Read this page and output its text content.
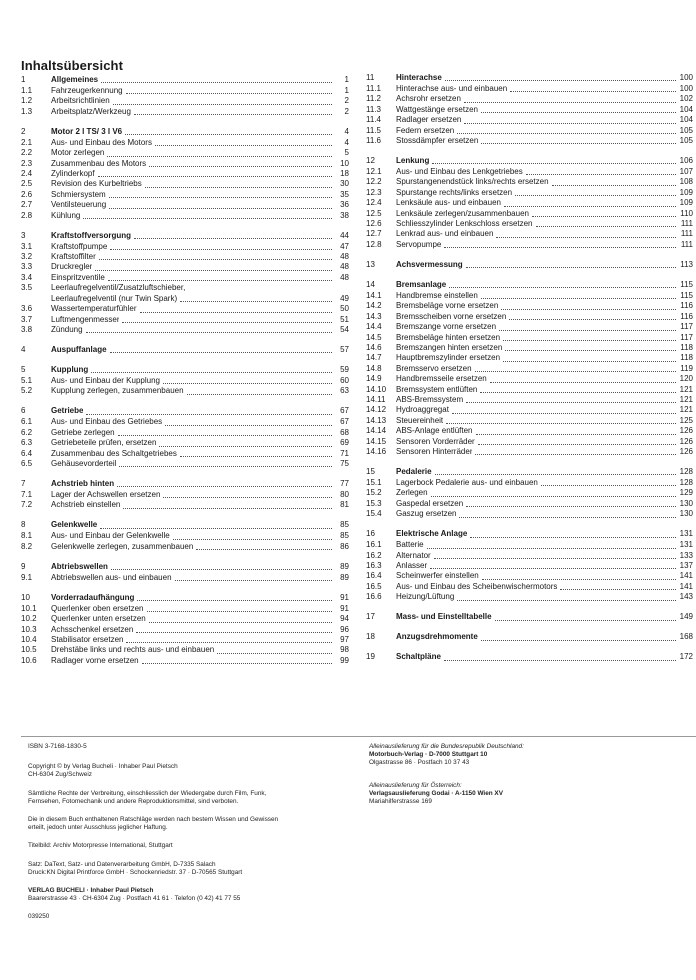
Inhaltsübersicht
1	Allgemeines	1
1.1	Fahrzeugerkennung	1
1.2	Arbeitsrichtlinien	2
1.3	Arbeitsplatz/Werkzeug	2
2	Motor 2 l TS/ 3 l V6	4
2.1	Aus- und Einbau des Motors	4
2.2	Motor zerlegen	5
2.3	Zusammenbau des Motors	10
2.4	Zylinderkopf	18
2.5	Revision des Kurbeltriebs	30
2.6	Schmiersystem	35
2.7	Ventilsteuerung	36
2.8	Kühlung	38
3	Kraftstoffversorgung	44
3.1	Kraftstoffpumpe	47
3.2	Kraftstoffilter	48
3.3	Druckregler	48
3.4	Einspritzventile	48
3.5	Leerlaufregelventil/Zusatzluftschieber,
Leerlaufregelventil (nur Twin Spark)	49
3.6	Wassertemperaturfühler	50
3.7	Luftmengenmesser	51
3.8	Zündung	54
4	Auspuffanlage	57
5	Kupplung	59
5.1	Aus- und Einbau der Kupplung	60
5.2	Kupplung zerlegen, zusammenbauen	63
6	Getriebe	67
6.1	Aus- und Einbau des Getriebes	67
6.2	Getriebe zerlegen	68
6.3	Getriebeteile prüfen, ersetzen	69
6.4	Zusammenbau des Schaltgetriebes	71
6.5	Gehäusevorderteil	75
7	Achstrieb hinten	77
7.1	Lager der Achswellen ersetzen	80
7.2	Achstrieb einstellen	81
8	Gelenkwelle	85
8.1	Aus- und Einbau der Gelenkwelle	85
8.2	Gelenkwelle zerlegen, zusammenbauen	86
9	Abtriebswellen	89
9.1	Abtriebswellen aus- und einbauen	89
10	Vorderradaufhängung	91
10.1	Querlenker oben ersetzen	91
10.2	Querlenker unten ersetzen	94
10.3	Achsschenkel ersetzen	96
10.4	Stabilisator ersetzen	97
10.5	Drehstäbe links und rechts aus- und einbauen	98
10.6	Radlager vorne ersetzen	99
11	Hinterachse	100
11.1	Hinterachse aus- und einbauen	100
11.2	Achsrohr ersetzen	102
11.3	Wattgestänge ersetzen	104
11.4	Radlager ersetzen	104
11.5	Federn ersetzen	105
11.6	Stossdämpfer ersetzen	105
12	Lenkung	106
12.1	Aus- und Einbau des Lenkgetriebes	107
12.2	Spurstangenendstück links/rechts ersetzen	108
12.3	Spurstange rechts/links ersetzen	109
12.4	Lenksäule aus- und einbauen	109
12.5	Lenksäule zerlegen/zusammenbauen	110
12.6	Schliesszylinder Lenkschloss ersetzen	111
12.7	Lenkrad aus- und einbauen	111
12.8	Servopumpe	111
13	Achsvermessung	113
14	Bremsanlage	115
14.1	Handbremse einstellen	115
14.2	Bremsbeläge vorne ersetzen	116
14.3	Bremsscheiben vorne ersetzen	116
14.4	Bremszange vorne ersetzen	117
14.5	Bremsbeläge hinten ersetzen	117
14.6	Bremszangen hinten ersetzen	118
14.7	Hauptbremszylinder ersetzen	118
14.8	Bremsservo ersetzen	119
14.9	Handbremsseile ersetzen	120
14.10	Bremssystem entlüften	121
14.11	ABS-Bremssystem	121
14.12	Hydroaggregat	121
14.13	Steuereinheit	125
14.14	ABS-Anlage entlüften	126
14.15	Sensoren Vorderräder	126
14.16	Sensoren Hinterräder	126
15	Pedalerie	128
15.1	Lagerbock Pedalerie aus- und einbauen	128
15.2	Zerlegen	129
15.3	Gaspedal ersetzen	130
15.4	Gaszug ersetzen	130
16	Elektrische Anlage	131
16.1	Batterie	131
16.2	Alternator	133
16.3	Anlasser	137
16.4	Scheinwerfer einstellen	141
16.5	Aus- und Einbau des Scheibenwischermotors	141
16.6	Heizung/Lüftung	143
17	Mass- und Einstelltabelle	149
18	Anzugsdrehmomente	168
19	Schaltpläne	172

ISBN 3-7168-1830-5

Copyright © by Verlag Bucheli · Inhaber Paul Pietsch
CH-6304 Zug/Schweiz
Sämtliche Rechte der Verbreitung, einschliesslich der Wiedergabe durch Film, Funk,
Fernsehen, Fotomechanik und andere Reproduktionsmittel, sind verboten.
Die in diesem Buch enthaltenen Ratschläge werden nach bestem Wissen und Gewissen
erteilt, jedoch unter Ausschluss jeglicher Haftung.
Titelbild: Archiv Motorpresse International, Stuttgart
Satz: DaText, Satz- und Datenverarbeitung GmbH, D-7335 Salach
Druck:KN Digital Printforce GmbH · Schockenriedstr. 37 · D-70565 Stuttgart
VERLAG BUCHELI · Inhaber Paul Pietsch
Baarerstrasse 43 · CH-6304 Zug · Postfach 41 61 · Telefon (0 42) 41 77 55
039250
Alleinauslieferung für die Bundesrepublik Deutschland:
Motorbuch-Verlag · D-7000 Stuttgart 10
Olgastrasse 86 · Postfach 10 37 43
Alleinauslieferung für Österreich:
Verlagsauslieferung Godai · A-1150 Wien XV
Mariahilferstrasse 169
